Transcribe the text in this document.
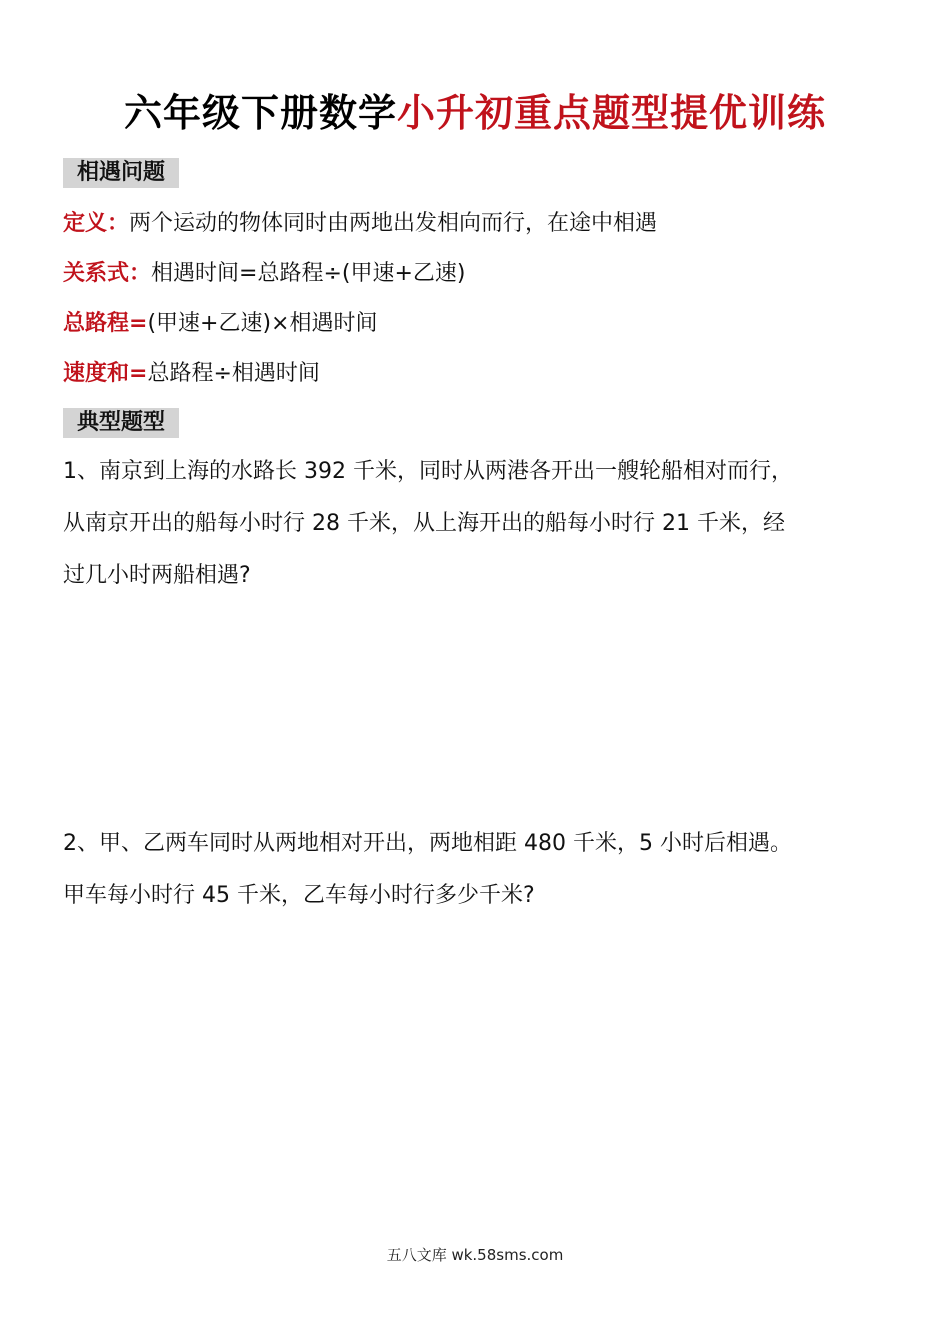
六年级下册数学小升初重点题型提优训练
相遇问题
定义：两个运动的物体同时由两地出发相向而行，在途中相遇
关系式：相遇时间=总路程÷(甲速+乙速)
总路程=(甲速+乙速)×相遇时间
速度和=总路程÷相遇时间
典型题型

1、南京到上海的水路长 392 千米，同时从两港各开出一艘轮船相对而行，

从南京开出的船每小时行 28 千米，从上海开出的船每小时行 21 千米，经

过几小时两船相遇?

2、甲、乙两车同时从两地相对开出，两地相距 480 千米，5 小时后相遇。

甲车每小时行 45 千米，乙车每小时行多少千米?

五八文库 wk.58sms.com
